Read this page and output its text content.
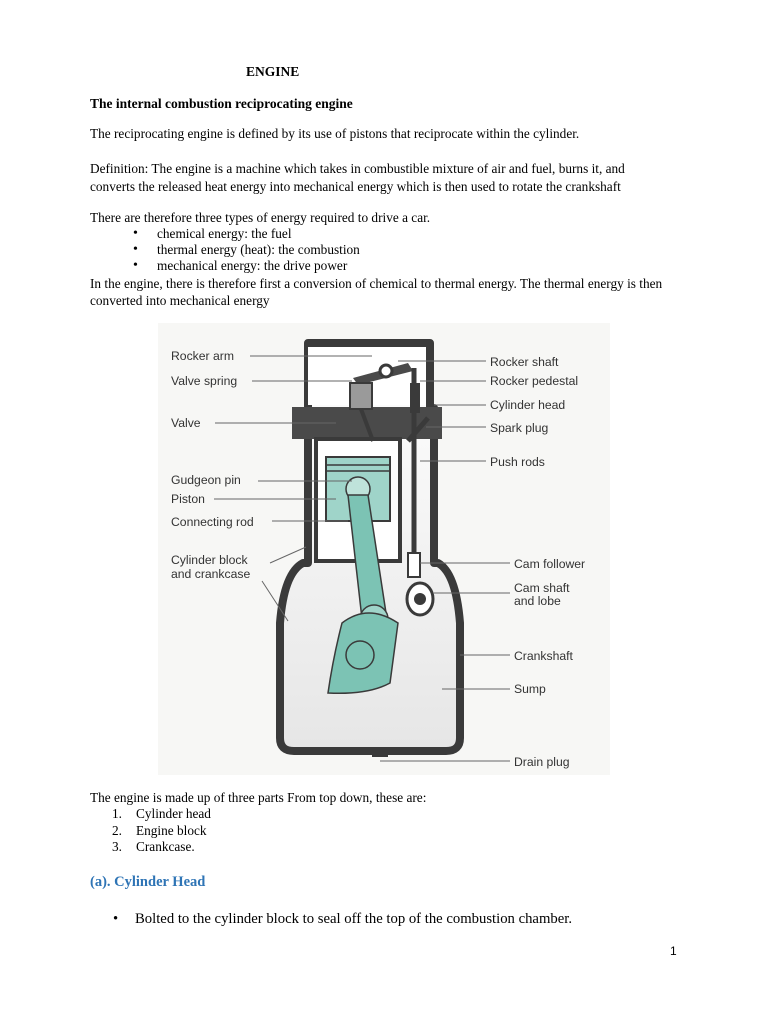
ENGINE
The internal combustion reciprocating engine
The reciprocating engine is defined by its use of pistons that reciprocate within the cylinder.
Definition: The engine is a machine which takes in combustible mixture of air and fuel, burns it, and converts the released heat energy into mechanical energy which is then used to rotate the crankshaft
There are therefore three types of energy required to drive a car.
• chemical energy: the fuel
• thermal energy (heat): the combustion
• mechanical energy: the drive power
In the engine, there is therefore first a conversion of chemical to thermal energy. The thermal energy is then converted into mechanical energy
Rocker arm
Valve spring
Valve
Gudgeon pin
Piston
Connecting rod
Cylinder block
and crankcase
Rocker shaft
Rocker pedestal
Cylinder head
Spark plug
Push rods
Cam follower
Cam shaft
and lobe
Crankshaft
Sump
Drain plug
The engine is made up of three parts From top down, these are:
1. Cylinder head
2. Engine block
3. Crankcase.
(a). Cylinder Head
• Bolted to the cylinder block to seal off the top of the combustion chamber.
1
